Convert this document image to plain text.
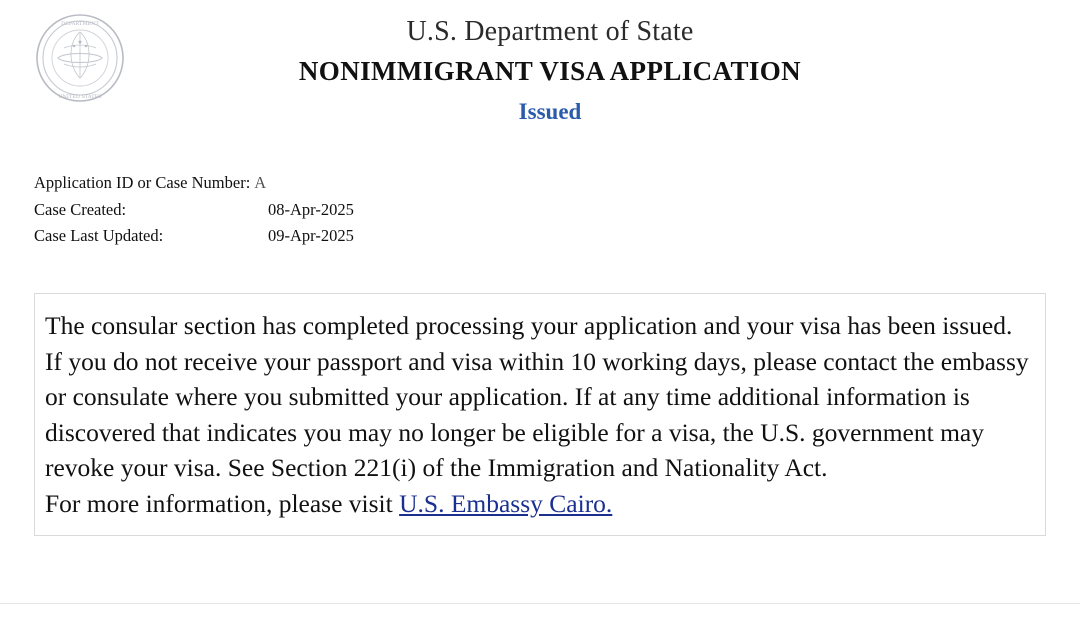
DEPARTMENT
UNITED STATES
U.S. Department of State
NONIMMIGRANT VISA APPLICATION
Issued
Application ID or Case Number: A
Case Created:	08-Apr-2025
Case Last Updated:	09-Apr-2025

The consular section has completed processing your application and your visa has been issued. If you do not receive your passport and visa within 10 working days, please contact the embassy or consulate where you submitted your application. If at any time additional information is discovered that indicates you may no longer be eligible for a visa, the U.S. government may revoke your visa. See Section 221(i) of the Immigration and Nationality Act.

For more information, please visit U.S. Embassy Cairo.
